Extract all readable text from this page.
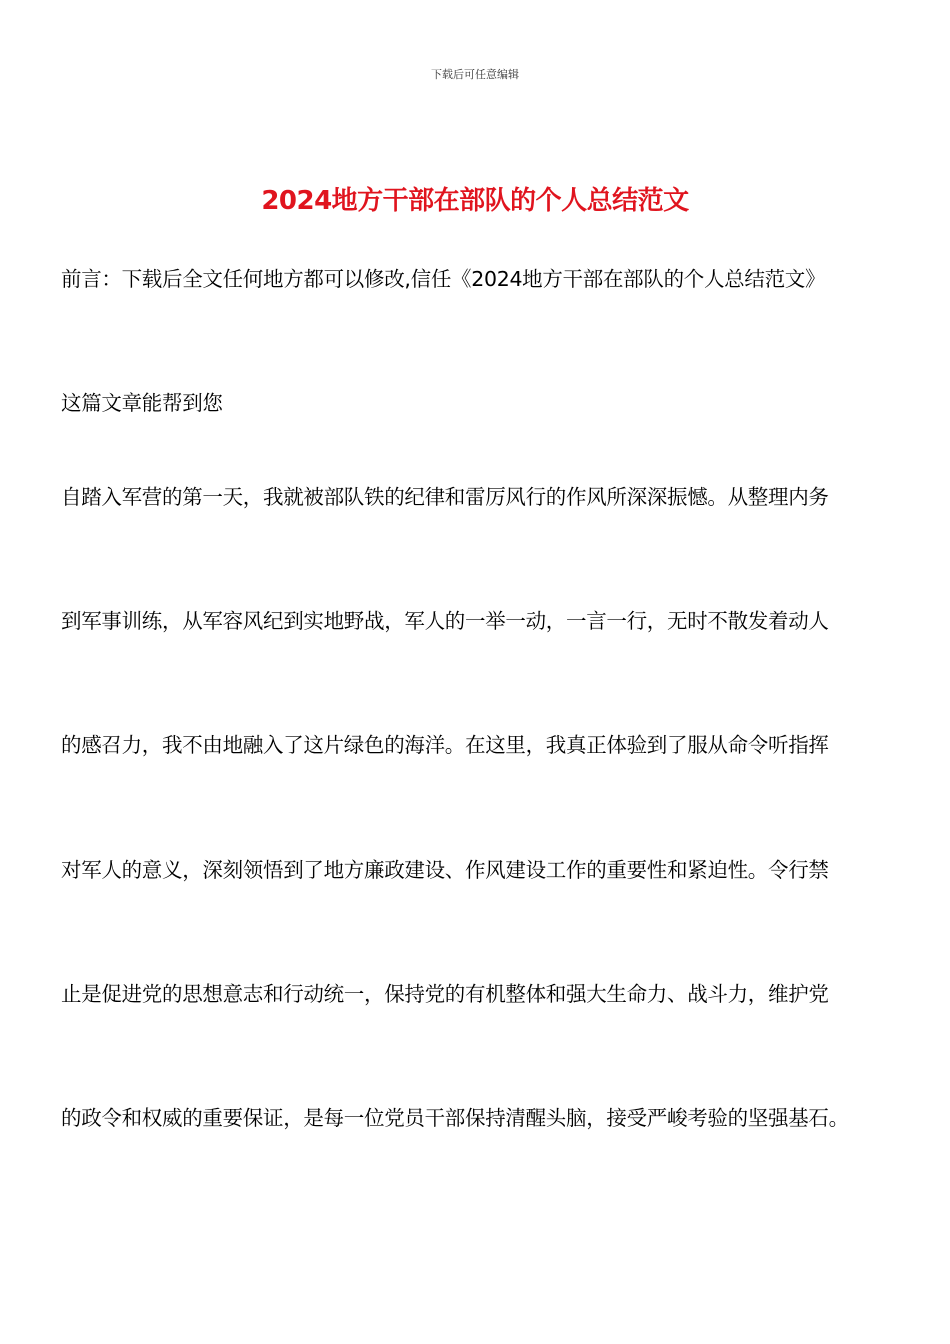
下载后可任意编辑
2024地方干部在部队的个人总结范文
前言：下载后全文任何地方都可以修改,信任《2024地方干部在部队的个人总结范文》
这篇文章能帮到您
自踏入军营的第一天，我就被部队铁的纪律和雷厉风行的作风所深深振憾。从整理内务
到军事训练，从军容风纪到实地野战，军人的一举一动，一言一行，无时不散发着动人
的感召力，我不由地融入了这片绿色的海洋。在这里，我真正体验到了服从命令听指挥
对军人的意义，深刻领悟到了地方廉政建设、作风建设工作的重要性和紧迫性。令行禁
止是促进党的思想意志和行动统一，保持党的有机整体和强大生命力、战斗力，维护党
的政令和权威的重要保证，是每一位党员干部保持清醒头脑，接受严峻考验的坚强基石。
